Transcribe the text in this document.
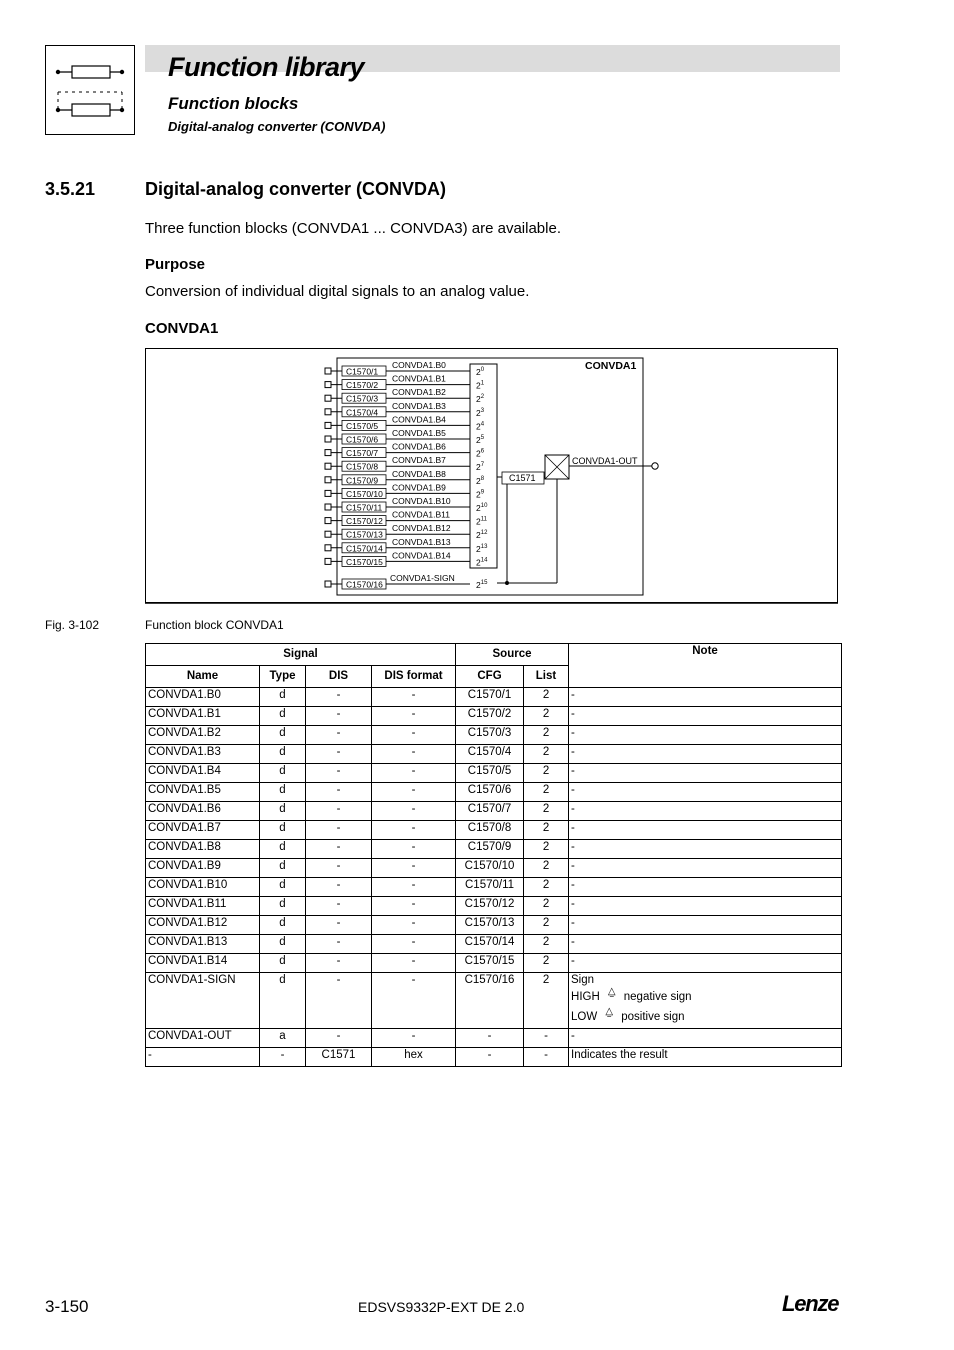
Function library
Function blocks
Digital-analog converter (CONVDA)
3.5.21	Digital-analog converter (CONVDA)
Three function blocks (CONVDA1 ... CONVDA3) are available.
Purpose
Conversion of individual digital signals to an analog value.
CONVDA1
CONVDA1
C1571
CONVDA1-OUT
C1570/1
CONVDA1.B0
$2^0$
C1570/2
CONVDA1.B1
$2^1$
C1570/3
CONVDA1.B2
$2^2$
C1570/4
CONVDA1.B3
$2^3$
C1570/5
CONVDA1.B4
$2^4$
C1570/6
CONVDA1.B5
$2^5$
C1570/7
CONVDA1.B6
$2^6$
C1570/8
CONVDA1.B7
$2^7$
C1570/9
CONVDA1.B8
$2^8$
C1570/10
CONVDA1.B9
$2^9$
C1570/11
CONVDA1.B10
$2^{10}$
C1570/12
CONVDA1.B11
$2^{11}$
C1570/13
CONVDA1.B12
$2^{12}$
C1570/14
CONVDA1.B13
$2^{13}$
C1570/15
CONVDA1.B14
$2^{14}$
C1570/16
CONVDA1-SIGN
$2^{15}$
Fig. 3-102	Function block CONVDA1
Signal				Source		Note
Name	Type	DIS	DIS format	CFG	List	
CONVDA1.B0	d	-	-	C1570/1	2	-
CONVDA1.B1	d	-	-	C1570/2	2	-
CONVDA1.B2	d	-	-	C1570/3	2	-
CONVDA1.B3	d	-	-	C1570/4	2	-
CONVDA1.B4	d	-	-	C1570/5	2	-
CONVDA1.B5	d	-	-	C1570/6	2	-
CONVDA1.B6	d	-	-	C1570/7	2	-
CONVDA1.B7	d	-	-	C1570/8	2	-
CONVDA1.B8	d	-	-	C1570/9	2	-
CONVDA1.B9	d	-	-	C1570/10	2	-
CONVDA1.B10	d	-	-	C1570/11	2	-
CONVDA1.B11	d	-	-	C1570/12	2	-
CONVDA1.B12	d	-	-	C1570/13	2	-
CONVDA1.B13	d	-	-	C1570/14	2	-
CONVDA1.B14	d	-	-	C1570/15	2	-
CONVDA1-SIGN	d	-	-	C1570/16	2	Sign
HIGH △
‾ negative sign
LOW △
‾ positive sign

CONVDA1-OUT	a	-	-	-	-	-
-	-	C1571	hex	-	-	Indicates the result
3-150	EDSVS9332P-EXT DE 2.0	Lenze
